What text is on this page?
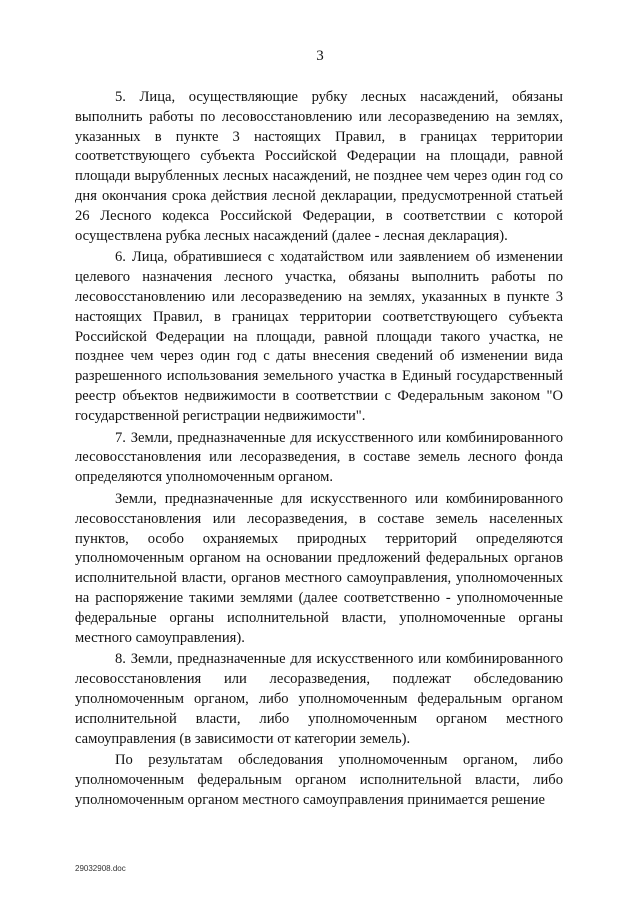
3

5. Лица, осуществляющие рубку лесных насаждений, обязаны выполнить работы по лесовосстановлению или лесоразведению на землях, указанных в пункте 3 настоящих Правил, в границах территории соответствующего субъекта Российской Федерации на площади, равной площади вырубленных лесных насаждений, не позднее чем через один год со дня окончания срока действия лесной декларации, предусмотренной статьей 26 Лесного кодекса Российской Федерации, в соответствии с которой осуществлена рубка лесных насаждений (далее - лесная декларация).

6. Лица, обратившиеся с ходатайством или заявлением об изменении целевого назначения лесного участка, обязаны выполнить работы по лесовосстановлению или лесоразведению на землях, указанных в пункте 3 настоящих Правил, в границах территории соответствующего субъекта Российской Федерации на площади, равной площади такого участка, не позднее чем через один год с даты внесения сведений об изменении вида разрешенного использования земельного участка в Единый государственный реестр объектов недвижимости в соответствии с Федеральным законом "О государственной регистрации недвижимости".

7. Земли, предназначенные для искусственного или комбинированного лесовосстановления или лесоразведения, в составе земель лесного фонда определяются уполномоченным органом.

Земли, предназначенные для искусственного или комбинированного лесовосстановления или лесоразведения, в составе земель населенных пунктов, особо охраняемых природных территорий определяются уполномоченным органом на основании предложений федеральных органов исполнительной власти, органов местного самоуправления, уполномоченных на распоряжение такими землями (далее соответственно - уполномоченные федеральные органы исполнительной власти, уполномоченные органы местного самоуправления).

8. Земли, предназначенные для искусственного или комбинированного лесовосстановления или лесоразведения, подлежат обследованию уполномоченным органом, либо уполномоченным федеральным органом исполнительной власти, либо уполномоченным органом местного самоуправления (в зависимости от категории земель).

По результатам обследования уполномоченным органом, либо уполномоченным федеральным органом исполнительной власти, либо уполномоченным органом местного самоуправления принимается решение

29032908.doc
